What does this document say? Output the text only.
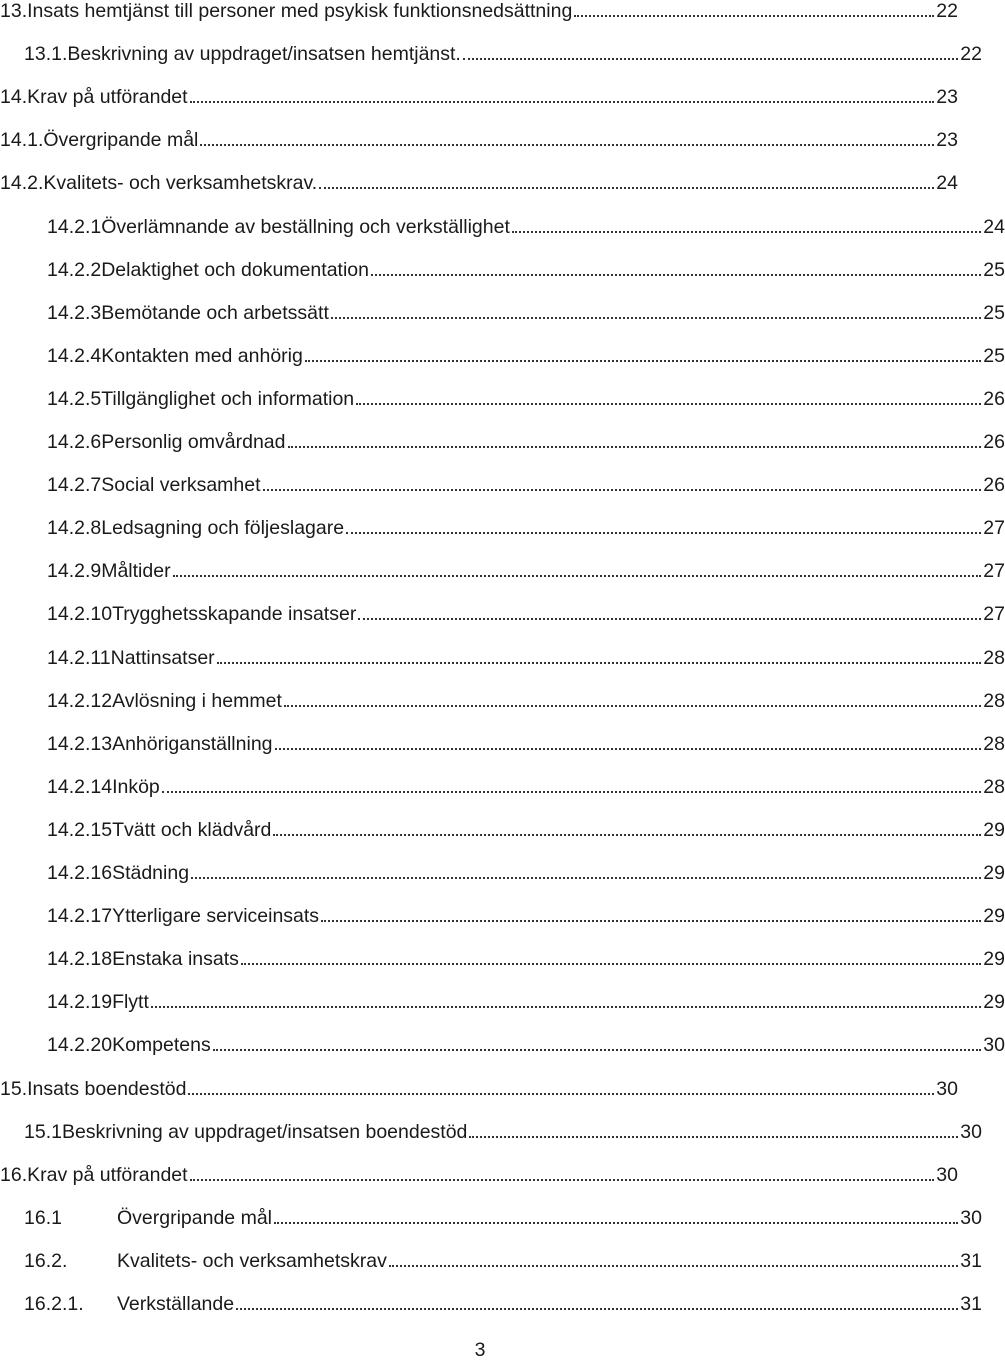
13. Insats hemtjänst till personer med psykisk funktionsnedsättning	22
13.1. Beskrivning av uppdraget/insatsen hemtjänst.	22
14. Krav på utförandet	23
14.1. Övergripande mål	23
14.2. Kvalitets- och verksamhetskrav.	24
14.2.1 Överlämnande av beställning och verkställighet	24
14.2.2 Delaktighet och dokumentation	25
14.2.3 Bemötande och arbetssätt	25
14.2.4 Kontakten med anhörig	25
14.2.5 Tillgänglighet och information	26
14.2.6 Personlig omvårdnad	26
14.2.7 Social verksamhet	26
14.2.8 Ledsagning och följeslagare	27
14.2.9 Måltider	27
14.2.10 Trygghetsskapande insatser	27
14.2.11 Nattinsatser	28
14.2.12 Avlösning i hemmet	28
14.2.13 Anhöriganställning	28
14.2.14 Inköp	28
14.2.15 Tvätt och klädvård	29
14.2.16 Städning	29
14.2.17 Ytterligare serviceinsats	29
14.2.18 Enstaka insats	29
14.2.19 Flytt	29
14.2.20 Kompetens	30
15. Insats boendestöd	30
15.1 Beskrivning av uppdraget/insatsen boendestöd	30
16. Krav på utförandet	30
16.1	Övergripande mål	30
16.2.	Kvalitets- och verksamhetskrav	31
16.2.1.	Verkställande	31
3
